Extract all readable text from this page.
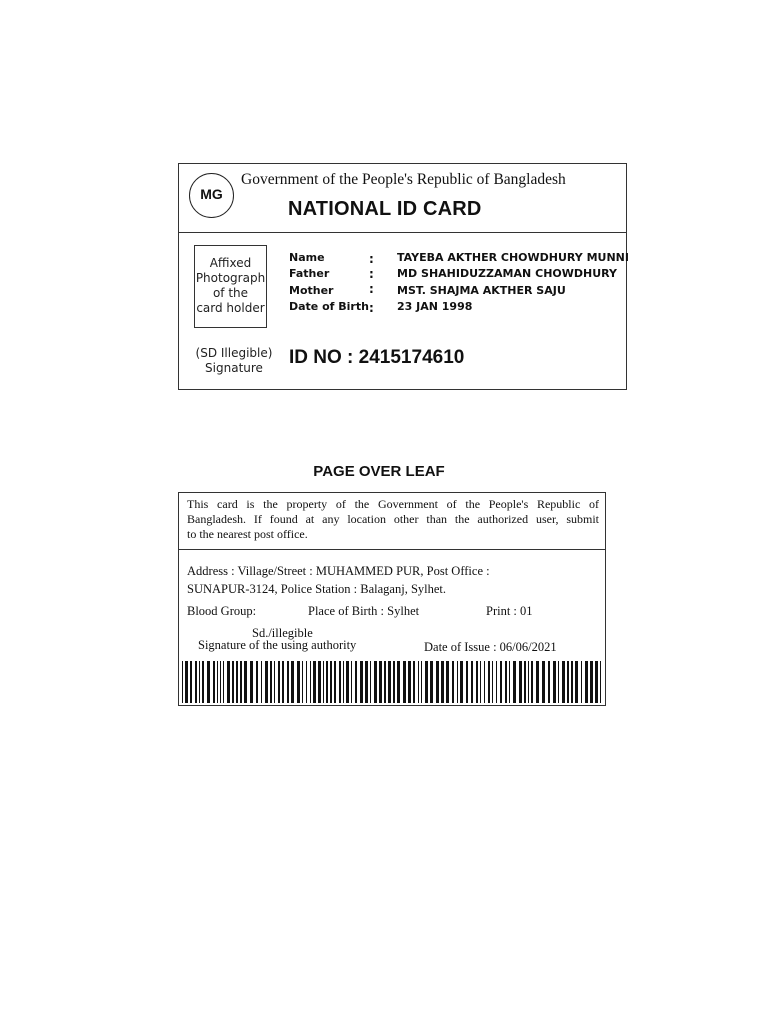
MG
Government of the People's Republic of Bangladesh
NATIONAL ID CARD
Affixed
Photograph
of the
card holder
(SD Illegible)
Signature
Name	: TAYEBA AKTHER CHOWDHURY MUNNI
Father	: MD SHAHIDUZZAMAN CHOWDHURY
Mother	: MST. SHAJMA AKTHER SAJU
Date of Birth : 23 JAN 1998
ID NO : 2415174610
PAGE OVER LEAF
This card is the property of the Government of the People's Republic of
Bangladesh. If found at any location other than the authorized user, submit
to the nearest post office.
Address : Village/Street : MUHAMMED PUR, Post Office :
SUNAPUR-3124, Police Station : Balaganj, Sylhet.
Blood Group:	Place of Birth : Sylhet	Print : 01
Sd./illegible
Signature of the using authority	Date of Issue : 06/06/2021
